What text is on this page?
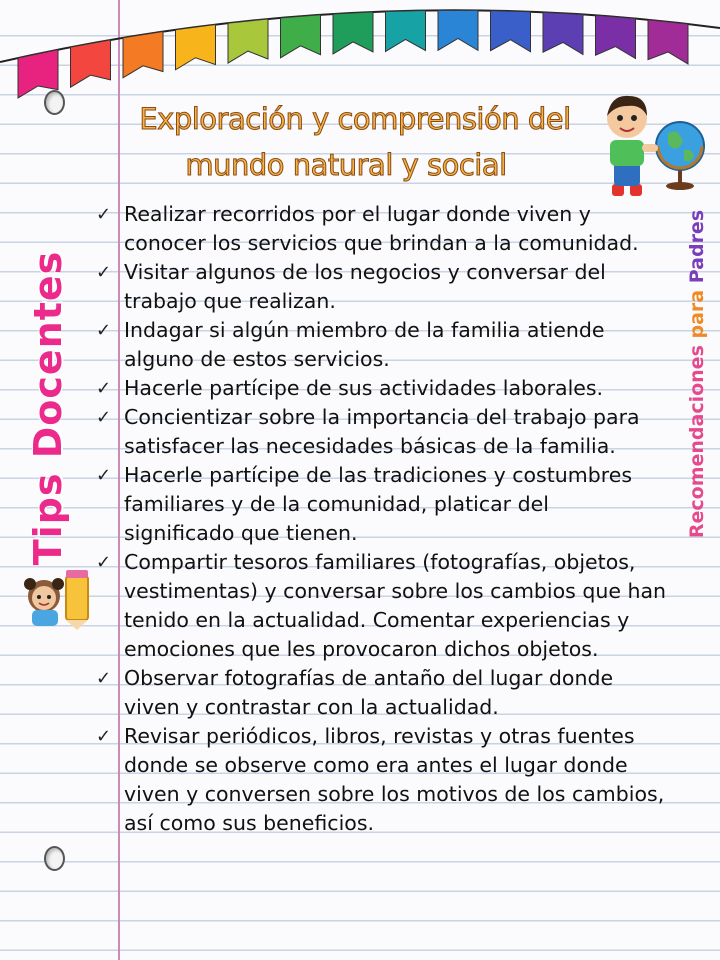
Exploración y comprensión del
mundo natural y social
Tips Docentes	Recomendaciones para Padres
✓ Realizar recorridos por el lugar donde viven y
conocer los servicios que brindan a la comunidad.
✓ Visitar algunos de los negocios y conversar del
trabajo que realizan.
✓ Indagar si algún miembro de la familia atiende
alguno de estos servicios.
✓ Hacerle partícipe de sus actividades laborales.
✓ Concientizar sobre la importancia del trabajo para
satisfacer las necesidades básicas de la familia.
✓ Hacerle partícipe de las tradiciones y costumbres
familiares y de la comunidad, platicar del
significado que tienen.
✓ Compartir tesoros familiares (fotografías, objetos,
vestimentas) y conversar sobre los cambios que han
tenido en la actualidad. Comentar experiencias y
emociones que les provocaron dichos objetos.
✓ Observar fotografías de antaño del lugar donde
viven y contrastar con la actualidad.
✓ Revisar periódicos, libros, revistas y otras fuentes
donde se observe como era antes el lugar donde
viven y conversen sobre los motivos de los cambios,
así como sus beneficios.
